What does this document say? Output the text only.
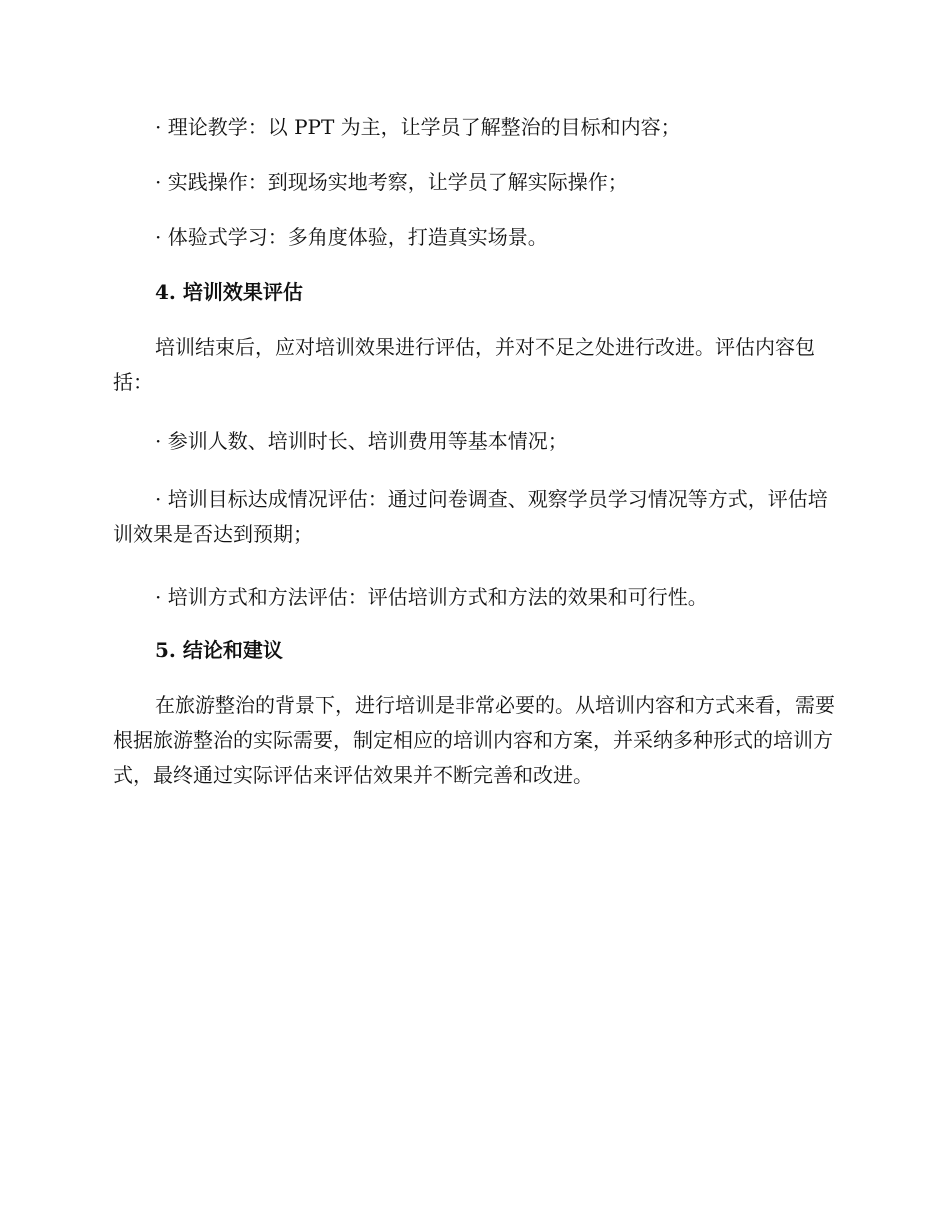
· 理论教学：以 PPT 为主，让学员了解整治的目标和内容；
· 实践操作：到现场实地考察，让学员了解实际操作；
· 体验式学习：多角度体验，打造真实场景。
4. 培训效果评估
培训结束后，应对培训效果进行评估，并对不足之处进行改进。评估内容包括：
· 参训人数、培训时长、培训费用等基本情况；
· 培训目标达成情况评估：通过问卷调查、观察学员学习情况等方式，评估培训效果是否达到预期；
· 培训方式和方法评估：评估培训方式和方法的效果和可行性。
5. 结论和建议
在旅游整治的背景下，进行培训是非常必要的。从培训内容和方式来看，需要根据旅游整治的实际需要，制定相应的培训内容和方案，并采纳多种形式的培训方式，最终通过实际评估来评估效果并不断完善和改进。
